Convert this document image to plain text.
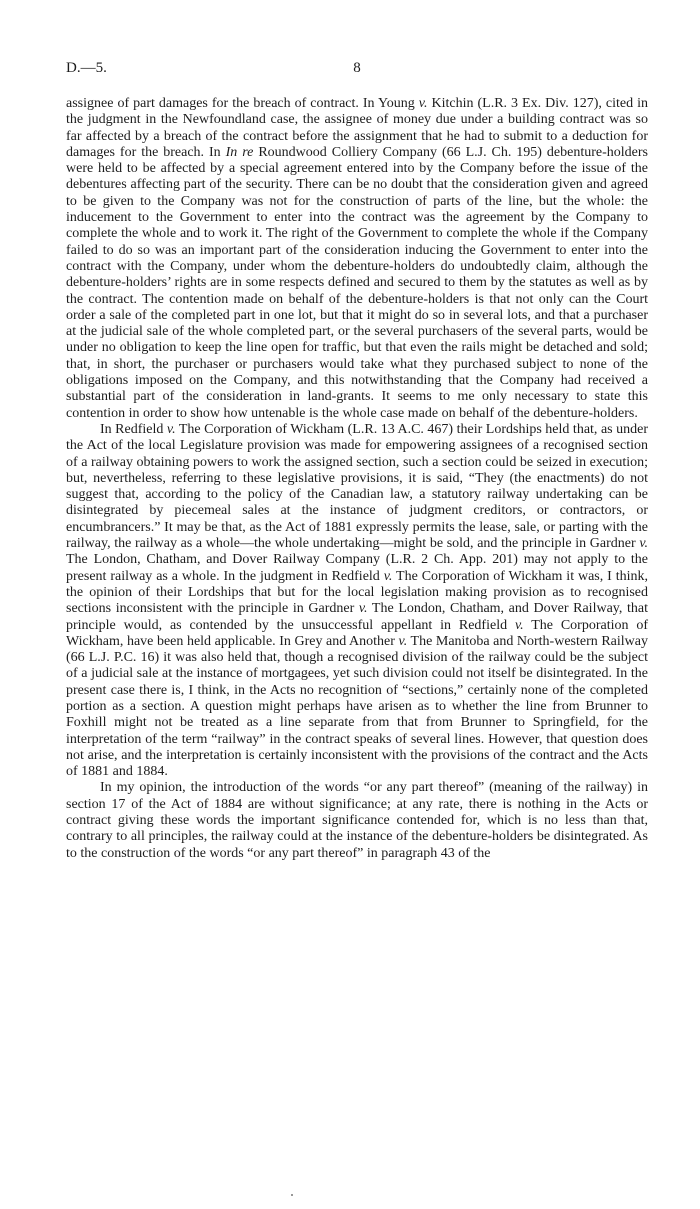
D.—5.	8

assignee of part damages for the breach of contract. In Young v. Kitchin (L.R. 3 Ex. Div. 127), cited in the judgment in the Newfoundland case, the assignee of money due under a building contract was so far affected by a breach of the contract before the assignment that he had to submit to a deduction for damages for the breach. In In re Roundwood Colliery Company (66 L.J. Ch. 195) debenture-holders were held to be affected by a special agreement entered into by the Company before the issue of the debentures affecting part of the security. There can be no doubt that the consideration given and agreed to be given to the Company was not for the construction of parts of the line, but the whole: the inducement to the Government to enter into the contract was the agreement by the Company to complete the whole and to work it. The right of the Government to complete the whole if the Company failed to do so was an important part of the consideration inducing the Government to enter into the contract with the Company, under whom the debenture-holders do undoubtedly claim, although the debenture-holders’ rights are in some respects defined and secured to them by the statutes as well as by the contract. The contention made on behalf of the debenture-holders is that not only can the Court order a sale of the completed part in one lot, but that it might do so in several lots, and that a purchaser at the judicial sale of the whole completed part, or the several purchasers of the several parts, would be under no obligation to keep the line open for traffic, but that even the rails might be detached and sold; that, in short, the purchaser or purchasers would take what they purchased subject to none of the obligations imposed on the Company, and this notwithstanding that the Company had received a substantial part of the consideration in land-grants. It seems to me only necessary to state this contention in order to show how untenable is the whole case made on behalf of the debenture-holders.

In Redfield v. The Corporation of Wickham (L.R. 13 A.C. 467) their Lordships held that, as under the Act of the local Legislature provision was made for empowering assignees of a recognised section of a railway obtaining powers to work the assigned section, such a section could be seized in execution; but, nevertheless, referring to these legislative provisions, it is said, “They (the enactments) do not suggest that, according to the policy of the Canadian law, a statutory railway undertaking can be disintegrated by piecemeal sales at the instance of judgment creditors, or contractors, or encumbrancers.” It may be that, as the Act of 1881 expressly permits the lease, sale, or parting with the railway, the railway as a whole—the whole undertaking—might be sold, and the principle in Gardner v. The London, Chatham, and Dover Railway Company (L.R. 2 Ch. App. 201) may not apply to the present railway as a whole. In the judgment in Redfield v. The Corporation of Wickham it was, I think, the opinion of their Lordships that but for the local legislation making provision as to recognised sections inconsistent with the principle in Gardner v. The London, Chatham, and Dover Railway, that principle would, as contended by the unsuccessful appellant in Redfield v. The Corporation of Wickham, have been held applicable. In Grey and Another v. The Manitoba and North-western Railway (66 L.J. P.C. 16) it was also held that, though a recognised division of the railway could be the subject of a judicial sale at the instance of mortgagees, yet such division could not itself be disintegrated. In the present case there is, I think, in the Acts no recognition of “sections,” certainly none of the completed portion as a section. A question might perhaps have arisen as to whether the line from Brunner to Foxhill might not be treated as a line separate from that from Brunner to Springfield, for the interpretation of the term “railway” in the contract speaks of several lines. However, that question does not arise, and the interpretation is certainly inconsistent with the provisions of the contract and the Acts of 1881 and 1884.

In my opinion, the introduction of the words “or any part thereof” (meaning of the railway) in section 17 of the Act of 1884 are without significance; at any rate, there is nothing in the Acts or contract giving these words the important significance contended for, which is no less than that, contrary to all principles, the railway could at the instance of the debenture-holders be disintegrated. As to the construction of the words “or any part thereof” in paragraph 43 of the
